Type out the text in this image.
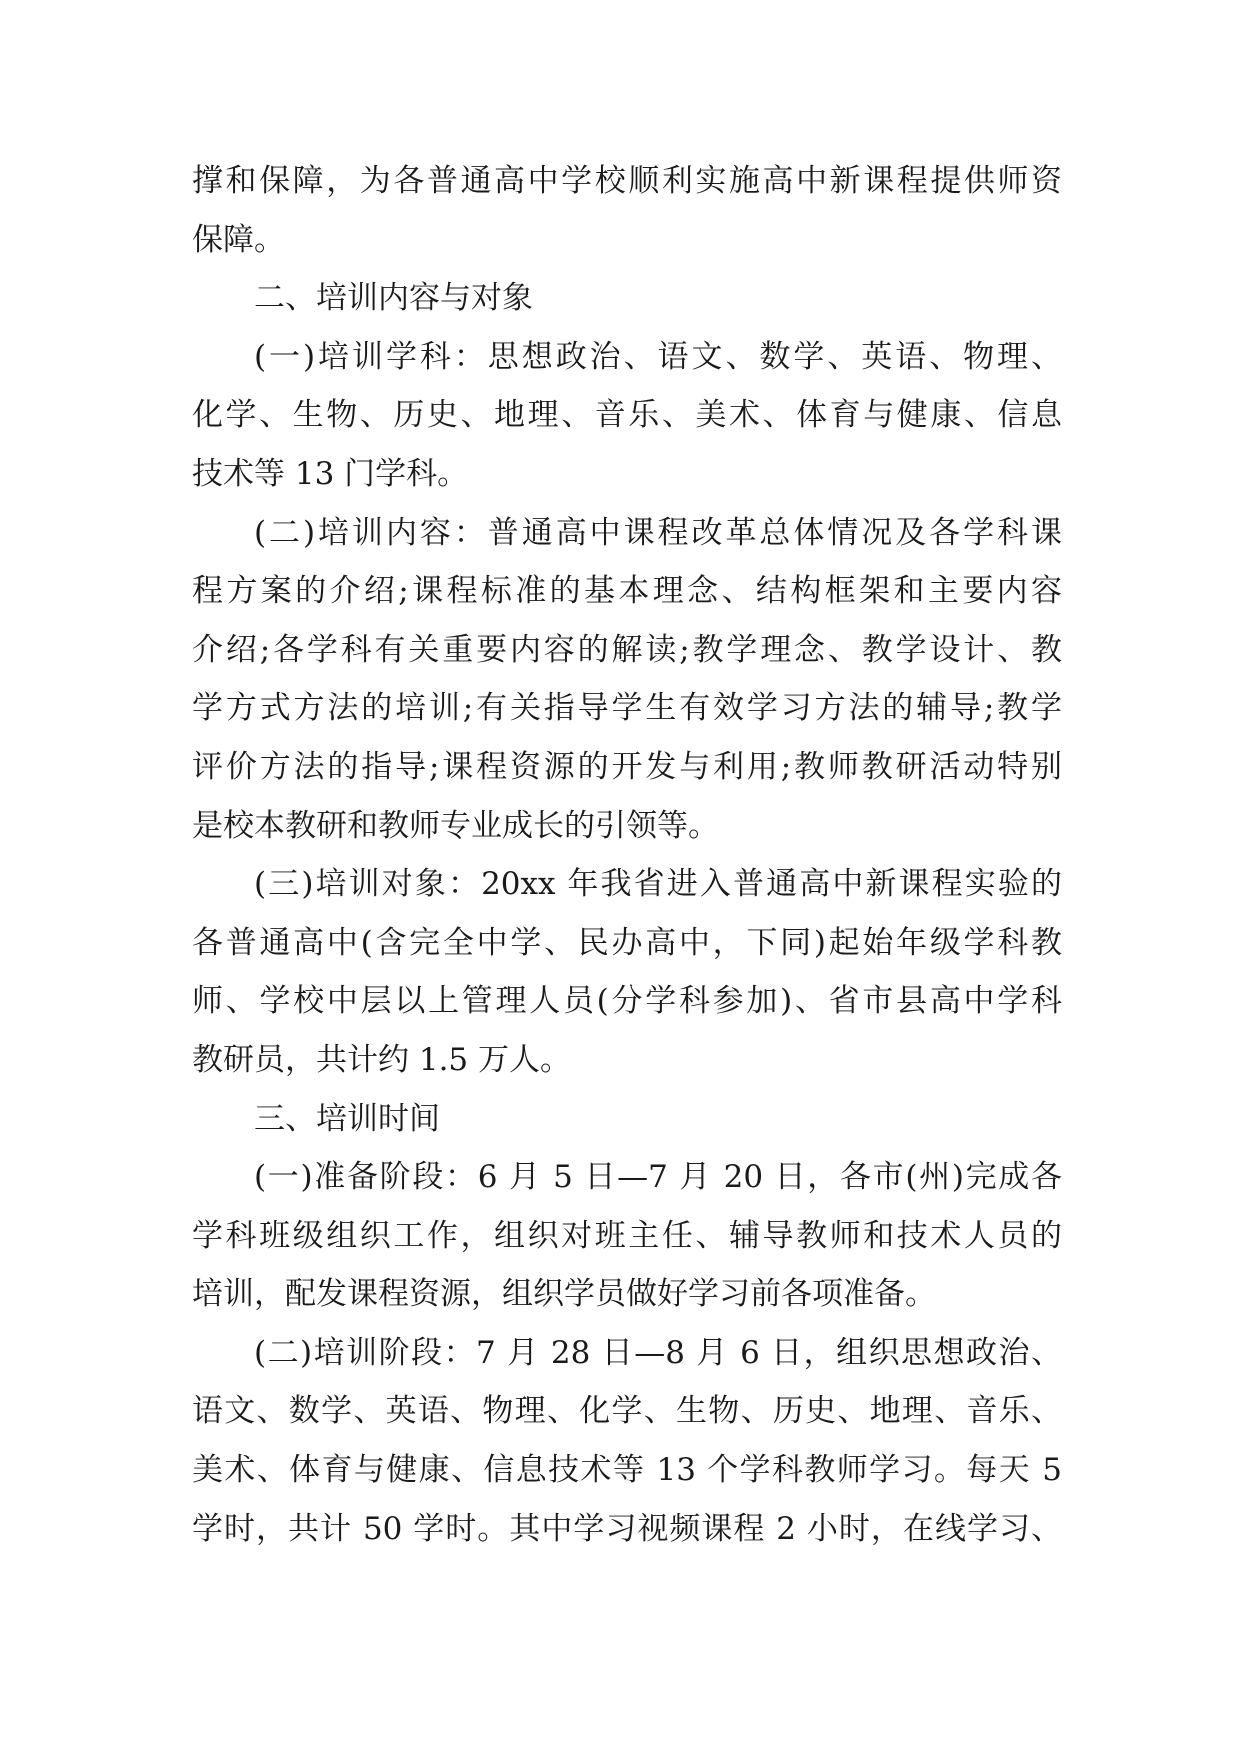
撑和保障，为各普通高中学校顺利实施高中新课程提供师资
保障。
二、培训内容与对象
(一)培训学科：思想政治、语文、数学、英语、物理、
化学、生物、历史、地理、音乐、美术、体育与健康、信息
技术等 13 门学科。
(二)培训内容：普通高中课程改革总体情况及各学科课
程方案的介绍;课程标准的基本理念、结构框架和主要内容
介绍;各学科有关重要内容的解读;教学理念、教学设计、教
学方式方法的培训;有关指导学生有效学习方法的辅导;教学
评价方法的指导;课程资源的开发与利用;教师教研活动特别
是校本教研和教师专业成长的引领等。
(三)培训对象：20xx 年我省进入普通高中新课程实验的
各普通高中(含完全中学、民办高中，下同)起始年级学科教
师、学校中层以上管理人员(分学科参加)、省市县高中学科
教研员，共计约 1.5 万人。
三、培训时间
(一)准备阶段：6 月 5 日—7 月 20 日，各市(州)完成各
学科班级组织工作，组织对班主任、辅导教师和技术人员的
培训，配发课程资源，组织学员做好学习前各项准备。
(二)培训阶段：7 月 28 日—8 月 6 日，组织思想政治、
语文、数学、英语、物理、化学、生物、历史、地理、音乐、
美术、体育与健康、信息技术等 13 个学科教师学习。每天 5
学时，共计 50 学时。其中学习视频课程 2 小时，在线学习、
